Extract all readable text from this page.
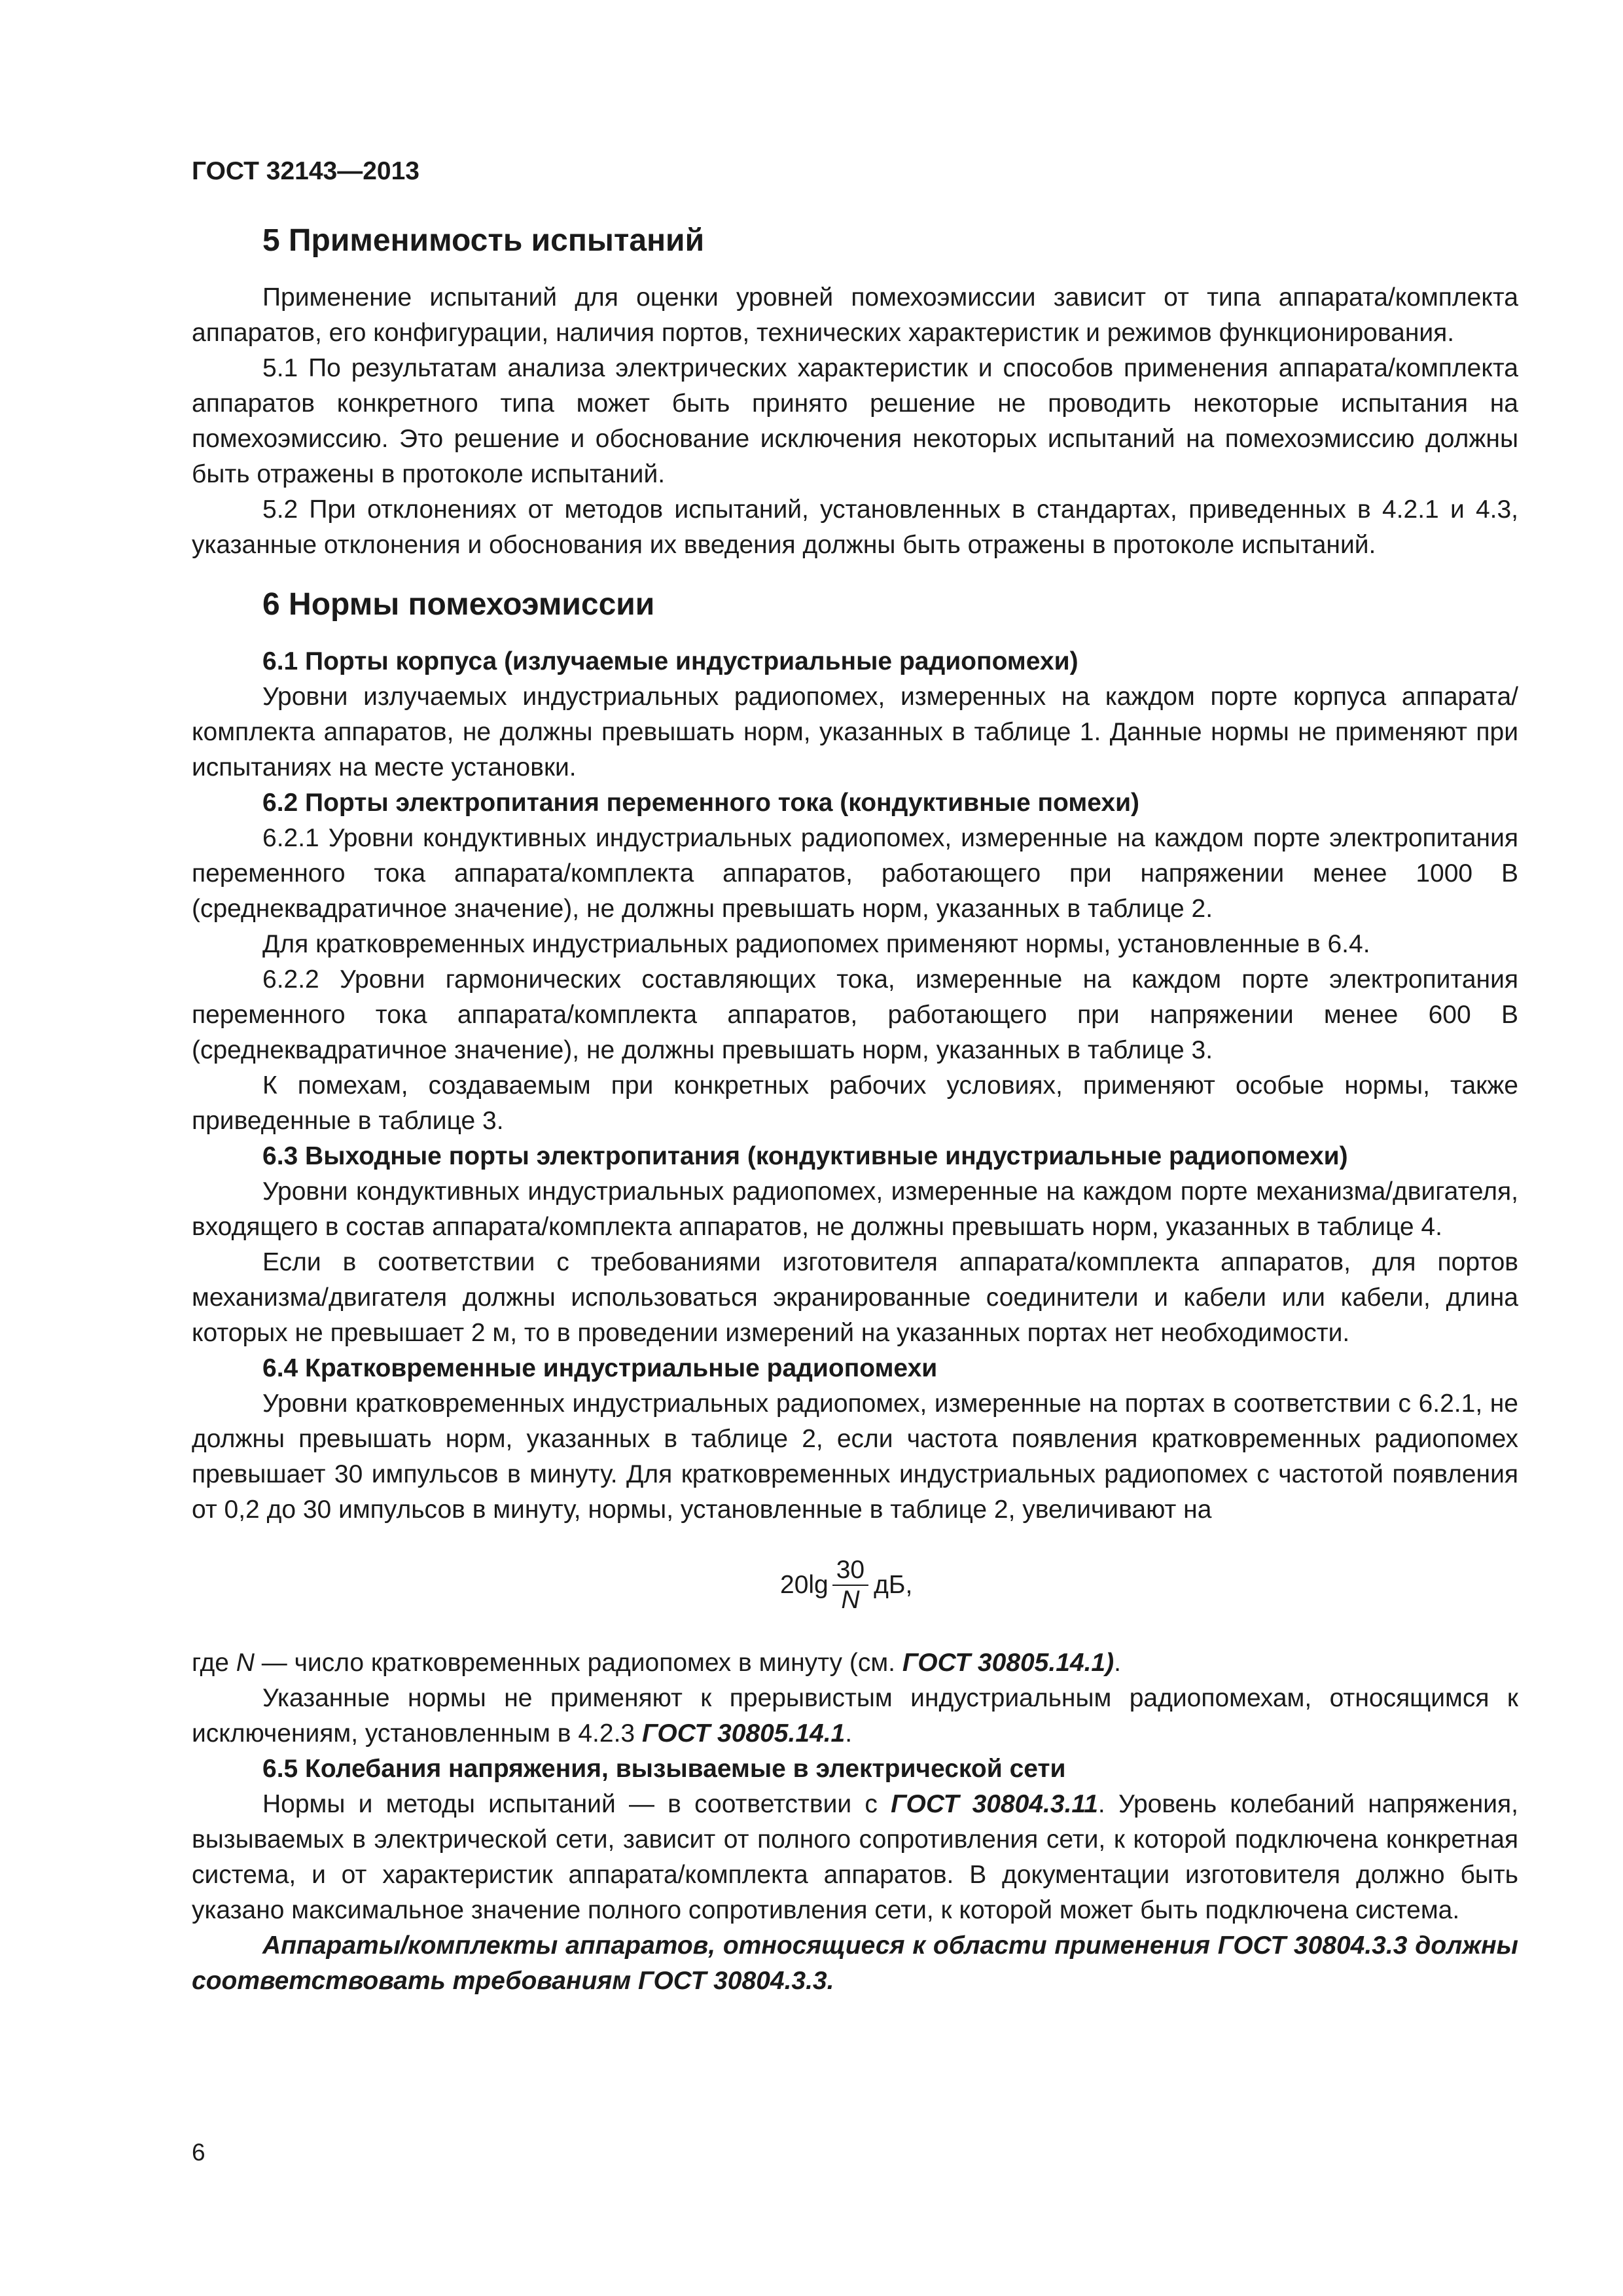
ГОСТ 32143—2013
5 Применимость испытаний

Применение испытаний для оценки уровней помехоэмиссии зависит от типа аппарата/комплекта аппаратов, его конфигурации, наличия портов, технических характеристик и режимов функционирования.

5.1 По результатам анализа электрических характеристик и способов применения аппарата/комплекта аппаратов конкретного типа может быть принято решение не проводить некоторые испытания на помехоэмиссию. Это решение и обоснование исключения некоторых испытаний на помехоэмиссию должны быть отражены в протоколе испытаний.

5.2 При отклонениях от методов испытаний, установленных в стандартах, приведенных в 4.2.1 и 4.3, указанные отклонения и обоснования их введения должны быть отражены в протоколе испытаний.

6 Нормы помехоэмиссии
6.1 Порты корпуса (излучаемые индустриальные радиопомехи)

Уровни излучаемых индустриальных радиопомех, измеренных на каждом порте корпуса аппарата/комплекта аппаратов, не должны превышать норм, указанных в таблице 1. Данные нормы не применяют при испытаниях на месте установки.

6.2 Порты электропитания переменного тока (кондуктивные помехи)

6.2.1 Уровни кондуктивных индустриальных радиопомех, измеренные на каждом порте электропитания переменного тока аппарата/комплекта аппаратов, работающего при напряжении менее 1000 В (среднеквадратичное значение), не должны превышать норм, указанных в таблице 2.

Для кратковременных индустриальных радиопомех применяют нормы, установленные в 6.4.

6.2.2 Уровни гармонических составляющих тока, измеренные на каждом порте электропитания переменного тока аппарата/комплекта аппаратов, работающего при напряжении менее 600 В (среднеквадратичное значение), не должны превышать норм, указанных в таблице 3.

К помехам, создаваемым при конкретных рабочих условиях, применяют особые нормы, также приведенные в таблице 3.

6.3 Выходные порты электропитания (кондуктивные индустриальные радиопомехи)

Уровни кондуктивных индустриальных радиопомех, измеренные на каждом порте механизма/двигателя, входящего в состав аппарата/комплекта аппаратов, не должны превышать норм, указанных в таблице 4.

Если в соответствии с требованиями изготовителя аппарата/комплекта аппаратов, для портов механизма/двигателя должны использоваться экранированные соединители и кабели или кабели, длина которых не превышает 2 м, то в проведении измерений на указанных портах нет необходимости.

6.4 Кратковременные индустриальные радиопомехи

Уровни кратковременных индустриальных радиопомех, измеренные на портах в соответствии с 6.2.1, не должны превышать норм, указанных в таблице 2, если частота появления кратковременных радиопомех превышает 30 импульсов в минуту. Для кратковременных индустриальных радиопомех с частотой появления от 0,2 до 30 импульсов в минуту, нормы, установленные в таблице 2, увеличивают на

$20\lg \frac{30}{N}$ дБ,

где N — число кратковременных радиопомех в минуту (см. ГОСТ 30805.14.1).

Указанные нормы не применяют к прерывистым индустриальным радиопомехам, относящимся к исключениям, установленным в 4.2.3 ГОСТ 30805.14.1.

6.5 Колебания напряжения, вызываемые в электрической сети

Нормы и методы испытаний — в соответствии с ГОСТ 30804.3.11. Уровень колебаний напряжения, вызываемых в электрической сети, зависит от полного сопротивления сети, к которой подключена конкретная система, и от характеристик аппарата/комплекта аппаратов. В документации изготовителя должно быть указано максимальное значение полного сопротивления сети, к которой может быть подключена система.

Аппараты/комплекты аппаратов, относящиеся к области применения ГОСТ 30804.3.3 должны соответствовать требованиям ГОСТ 30804.3.3.

6
